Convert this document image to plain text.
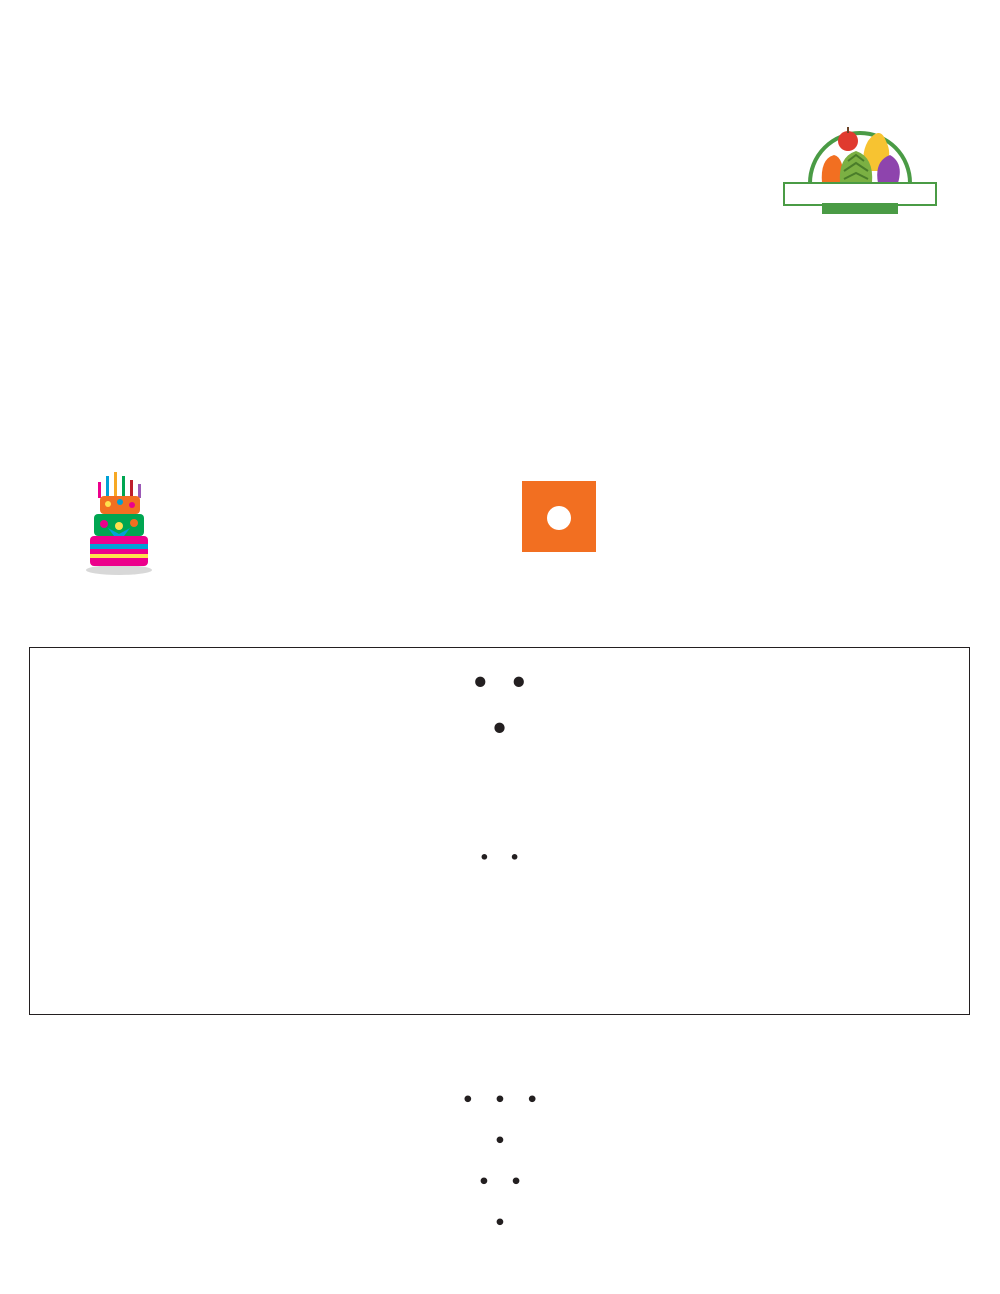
• •
•
• •
• • •
•
• •
•
